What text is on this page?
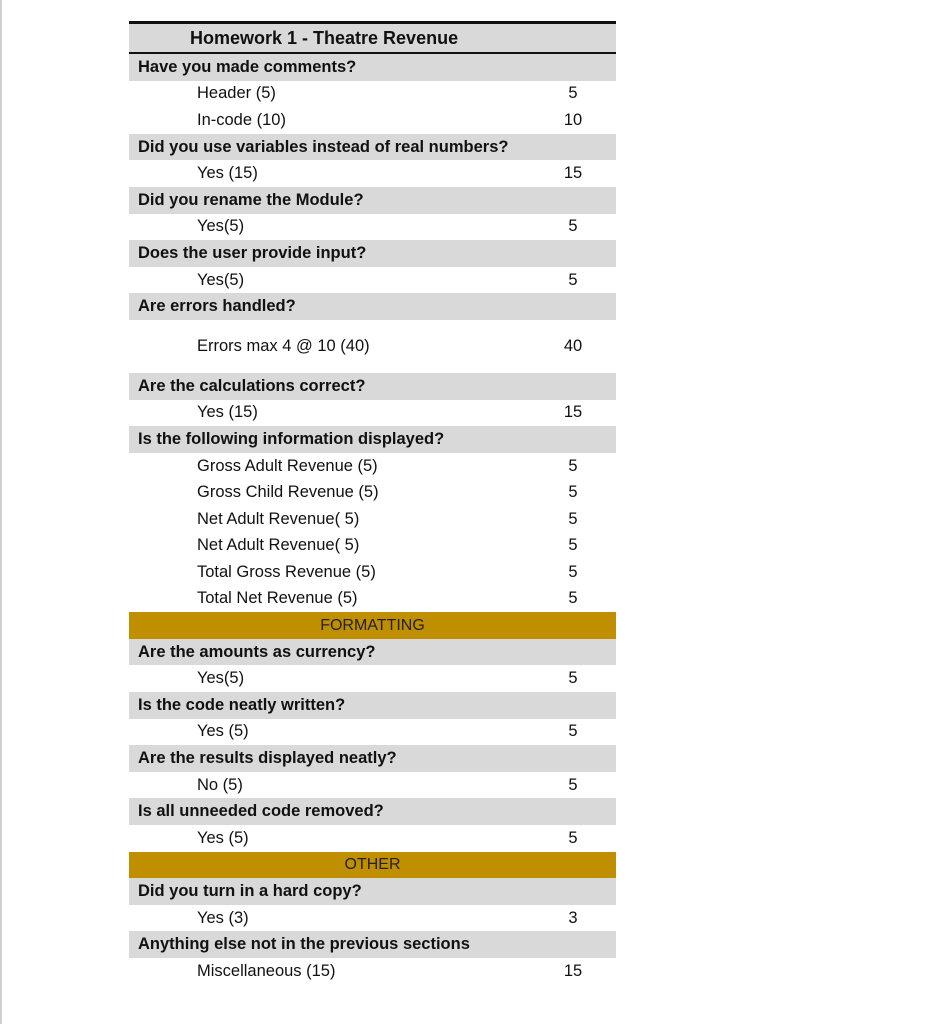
Homework 1 - Theatre Revenue
Have you made comments?
Header (5)	5
In-code (10)	10
Did you use variables instead of real numbers?
Yes (15)	15
Did you rename the Module?
Yes(5)	5
Does the user provide input?
Yes(5)	5
Are errors handled?
Errors max 4 @ 10 (40)	40
Are the calculations correct?
Yes (15)	15
Is the following information displayed?
Gross Adult Revenue (5)	5
Gross Child Revenue (5)	5
Net Adult Revenue( 5)	5
Net Adult Revenue( 5)	5
Total Gross Revenue (5)	5
Total Net Revenue (5)	5
FORMATTING
Are the amounts as currency?
Yes(5)	5
Is the code neatly written?
Yes (5)	5
Are the results displayed neatly?
No (5)	5
Is all unneeded code removed?
Yes (5)	5
OTHER
Did you turn in a hard copy?
Yes (3)	3
Anything else not in the previous sections
Miscellaneous (15)	15
